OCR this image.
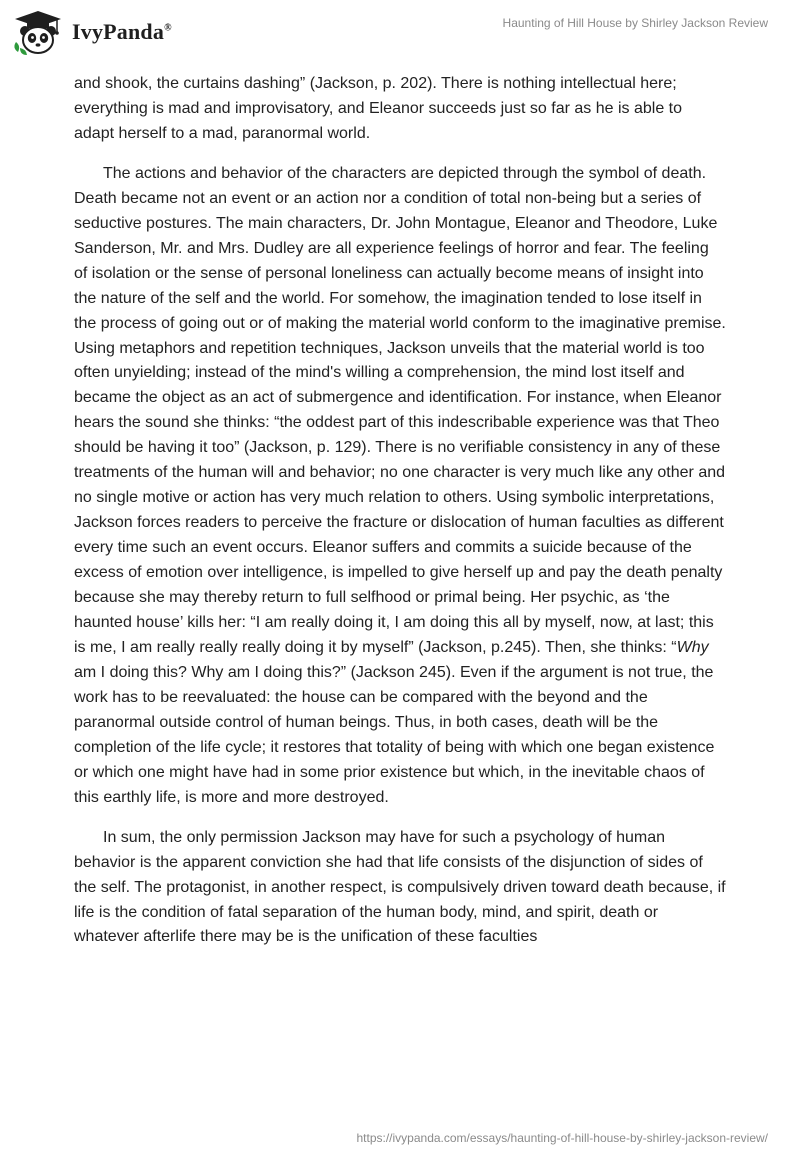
IvyPanda®	Haunting of Hill House by Shirley Jackson Review

and shook, the curtains dashing” (Jackson, p. 202). There is nothing intellectual here; everything is mad and improvisatory, and Eleanor succeeds just so far as he is able to adapt herself to a mad, paranormal world.

The actions and behavior of the characters are depicted through the symbol of death. Death became not an event or an action nor a condition of total non-being but a series of seductive postures. The main characters, Dr. John Montague, Eleanor and Theodore, Luke Sanderson, Mr. and Mrs. Dudley are all experience feelings of horror and fear. The feeling of isolation or the sense of personal loneliness can actually become means of insight into the nature of the self and the world. For somehow, the imagination tended to lose itself in the process of going out or of making the material world conform to the imaginative premise. Using metaphors and repetition techniques, Jackson unveils that the material world is too often unyielding; instead of the mind's willing a comprehension, the mind lost itself and became the object as an act of submergence and identification. For instance, when Eleanor hears the sound she thinks: “the oddest part of this indescribable experience was that Theo should be having it too” (Jackson, p. 129). There is no verifiable consistency in any of these treatments of the human will and behavior; no one character is very much like any other and no single motive or action has very much relation to others. Using symbolic interpretations, Jackson forces readers to perceive the fracture or dislocation of human faculties as different every time such an event occurs. Eleanor suffers and commits a suicide because of the excess of emotion over intelligence, is impelled to give herself up and pay the death penalty because she may thereby return to full selfhood or primal being. Her psychic, as ‘the haunted house’ kills her: “I am really doing it, I am doing this all by myself, now, at last; this is me, I am really really really doing it by myself” (Jackson, p.245). Then, she thinks: “Why am I doing this? Why am I doing this?” (Jackson 245). Even if the argument is not true, the work has to be reevaluated: the house can be compared with the beyond and the paranormal outside control of human beings. Thus, in both cases, death will be the completion of the life cycle; it restores that totality of being with which one began existence or which one might have had in some prior existence but which, in the inevitable chaos of this earthly life, is more and more destroyed.

In sum, the only permission Jackson may have for such a psychology of human behavior is the apparent conviction she had that life consists of the disjunction of sides of the self. The protagonist, in another respect, is compulsively driven toward death because, if life is the condition of fatal separation of the human body, mind, and spirit, death or whatever afterlife there may be is the unification of these faculties

https://ivypanda.com/essays/haunting-of-hill-house-by-shirley-jackson-review/
